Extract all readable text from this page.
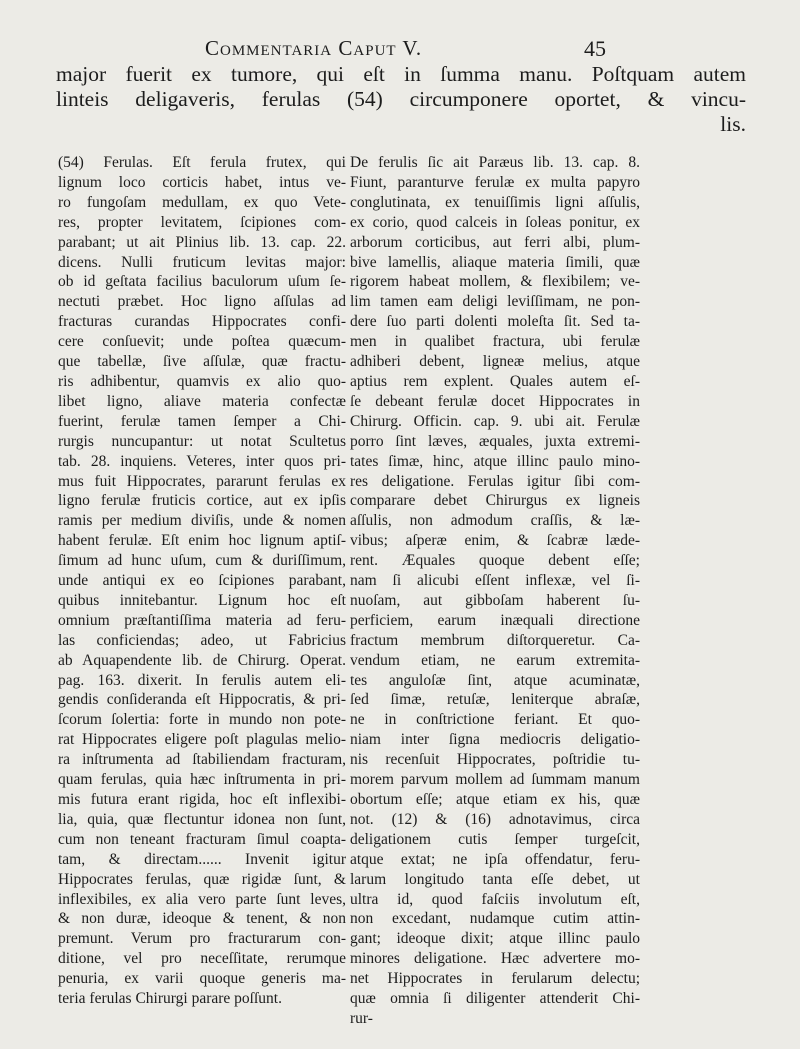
Commentaria Caput V.	45
major fuerit ex tumore, qui eſt in ſumma manu. Poſtquam autem
linteis deligaveris, ferulas (54) circumponere oportet, & vincu-
lis.
(54) Ferulas. Eſt ferula frutex, qui
lignum loco corticis habet, intus ve-
ro fungoſam medullam, ex quo Vete-
res, propter levitatem, ſcipiones com-
parabant; ut ait Plinius lib. 13. cap. 22.
dicens. Nulli fruticum levitas major:
ob id geſtata facilius baculorum uſum ſe-
nectuti præbet. Hoc ligno aſſulas ad
fracturas curandas Hippocrates confi-
cere conſuevit; unde poſtea quæcum-
que tabellæ, ſive aſſulæ, quæ fractu-
ris adhibentur, quamvis ex alio quo-
libet ligno, aliave materia confectæ
fuerint, ferulæ tamen ſemper a Chi-
rurgis nuncupantur: ut notat Scultetus
tab. 28. inquiens. Veteres, inter quos pri-
mus fuit Hippocrates, pararunt ferulas ex
ligno ferulæ fruticis cortice, aut ex ipſis
ramis per medium diviſis, unde & nomen
habent ferulæ. Eſt enim hoc lignum aptiſ-
ſimum ad hunc uſum, cum & duriſſimum,
unde antiqui ex eo ſcipiones parabant,
quibus innitebantur. Lignum hoc eſt
omnium præſtantiſſima materia ad feru-
las conficiendas; adeo, ut Fabricius
ab Aquapendente lib. de Chirurg. Operat.
pag. 163. dixerit. In ferulis autem eli-
gendis conſideranda eſt Hippocratis, & pri-
ſcorum ſolertia: forte in mundo non pote-
rat Hippocrates eligere poſt plagulas melio-
ra inſtrumenta ad ſtabiliendam fracturam,
quam ferulas, quia hæc inſtrumenta in pri-
mis futura erant rigida, hoc eſt inflexibi-
lia, quia, quæ flectuntur idonea non ſunt,
cum non teneant fracturam ſimul coapta-
tam, & directam...... Invenit igitur
Hippocrates ferulas, quæ rigidæ ſunt, &
inflexibiles, ex alia vero parte ſunt leves,
& non duræ, ideoque & tenent, & non
premunt. Verum pro fracturarum con-
ditione, vel pro neceſſitate, rerumque
penuria, ex varii quoque generis ma-
teria ferulas Chirurgi parare poſſunt.
De ferulis ſic ait Paræus lib. 13. cap. 8.
Fiunt, paranturve ferulæ ex multa papyro
conglutinata, ex tenuiſſimis ligni aſſulis,
ex corio, quod calceis in ſoleas ponitur, ex
arborum corticibus, aut ferri albi, plum-
bive lamellis, aliaque materia ſimili, quæ
rigorem habeat mollem, & flexibilem; ve-
lim tamen eam deligi leviſſimam, ne pon-
dere ſuo parti dolenti moleſta ſit. Sed ta-
men in qualibet fractura, ubi ferulæ
adhiberi debent, ligneæ melius, atque
aptius rem explent. Quales autem eſ-
ſe debeant ferulæ docet Hippocrates in
Chirurg. Officin. cap. 9. ubi ait. Ferulæ
porro ſint læves, æquales, juxta extremi-
tates ſimæ, hinc, atque illinc paulo mino-
res deligatione. Ferulas igitur ſibi com-
comparare debet Chirurgus ex ligneis
aſſulis, non admodum craſſis, & læ-
vibus; aſperæ enim, & ſcabræ læde-
rent. Æquales quoque debent eſſe;
nam ſi alicubi eſſent inflexæ, vel ſi-
nuoſam, aut gibboſam haberent ſu-
perficiem, earum inæquali directione
fractum membrum diſtorqueretur. Ca-
vendum etiam, ne earum extremita-
tes anguloſæ ſint, atque acuminatæ,
ſed ſimæ, retuſæ, leniterque abraſæ,
ne in conſtrictione feriant. Et quo-
niam inter ſigna mediocris deligatio-
nis recenſuit Hippocrates, poſtridie tu-
morem parvum mollem ad ſummam manum
obortum eſſe; atque etiam ex his, quæ
not. (12) & (16) adnotavimus, circa
deligationem cutis ſemper turgeſcit,
atque extat; ne ipſa offendatur, feru-
larum longitudo tanta eſſe debet, ut
ultra id, quod faſciis involutum eſt,
non excedant, nudamque cutim attin-
gant; ideoque dixit; atque illinc paulo
minores deligatione. Hæc advertere mo-
net Hippocrates in ferularum delectu;
quæ omnia ſi diligenter attenderit Chi-
rur-
